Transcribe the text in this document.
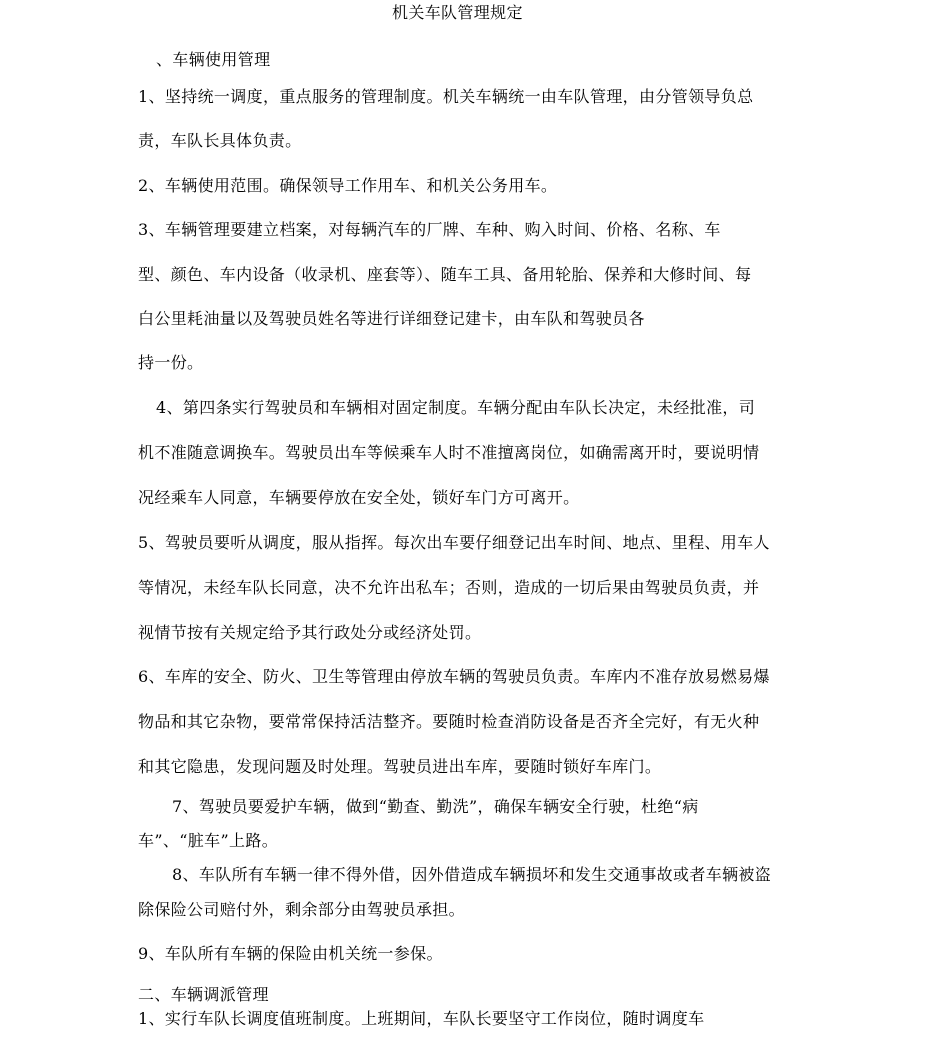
机关车队管理规定

、车辆使用管理

1、坚持统一调度，重点服务的管理制度。机关车辆统一由车队管理，由分管领导负总

责，车队长具体负责。

2、车辆使用范围。确保领导工作用车、和机关公务用车。

3、车辆管理要建立档案，对每辆汽车的厂牌、车种、购入时间、价格、名称、车

型、颜色、车内设备（收录机、座套等）、随车工具、备用轮胎、保养和大修时间、每

白公里耗油量以及驾驶员姓名等进行详细登记建卡，由车队和驾驶员各

持一份。

4、第四条实行驾驶员和车辆相对固定制度。车辆分配由车队长决定，未经批准，司

机不准随意调换车。驾驶员出车等候乘车人时不准擅离岗位，如确需离开时，要说明情

况经乘车人同意，车辆要停放在安全处，锁好车门方可离开。

5、驾驶员要听从调度，服从指挥。每次出车要仔细登记出车时间、地点、里程、用车人

等情况，未经车队长同意，决不允许出私车；否则，造成的一切后果由驾驶员负责，并

视情节按有关规定给予其行政处分或经济处罚。

6、车库的安全、防火、卫生等管理由停放车辆的驾驶员负责。车库内不准存放易燃易爆

物品和其它杂物，要常常保持活洁整齐。要随时检查消防设备是否齐全完好，有无火种

和其它隐患，发现问题及时处理。驾驶员进出车库，要随时锁好车库门。

7、驾驶员要爱护车辆，做到“勤查、勤洗”，确保车辆安全行驶，杜绝“病

车”、“脏车”上路。

8、车队所有车辆一律不得外借，因外借造成车辆损坏和发生交通事故或者车辆被盗

除保险公司赔付外，剩余部分由驾驶员承担。

9、车队所有车辆的保险由机关统一参保。

二、车辆调派管理

1、实行车队长调度值班制度。上班期间，车队长要坚守工作岗位，随时调度车
